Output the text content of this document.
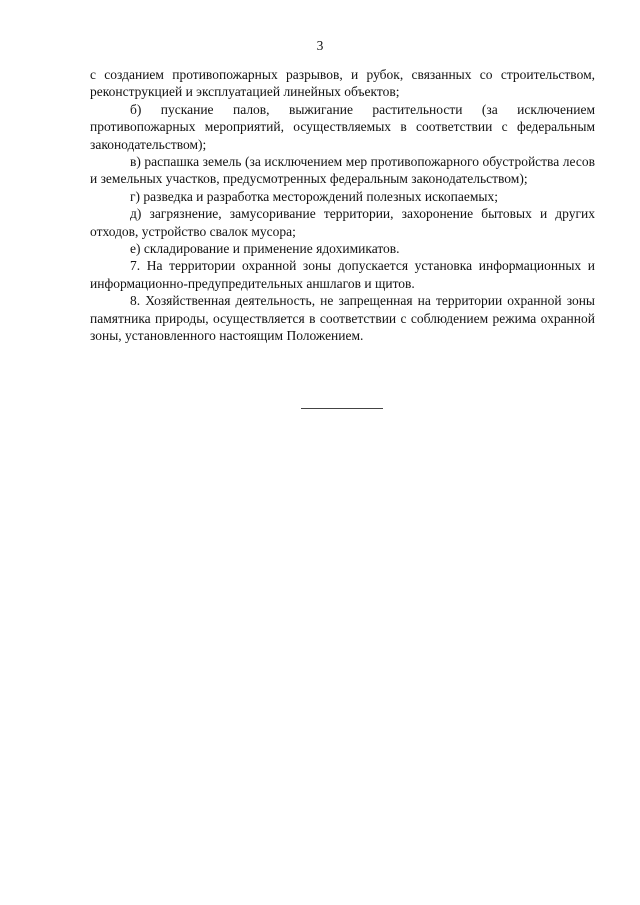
3

с созданием противопожарных разрывов, и рубок, связанных со строительством, реконструкцией и эксплуатацией линейных объектов;

б) пускание палов, выжигание растительности (за исключением противопожарных мероприятий, осуществляемых в соответствии с федеральным законодательством);

в) распашка земель (за исключением мер противопожарного обустройства лесов и земельных участков, предусмотренных федеральным законодательством);

г) разведка и разработка месторождений полезных ископаемых;

д) загрязнение, замусоривание территории, захоронение бытовых и других отходов, устройство свалок мусора;

е) складирование и применение ядохимикатов.

7. На территории охранной зоны допускается установка информационных и информационно-предупредительных аншлагов и щитов.

8. Хозяйственная деятельность, не запрещенная на территории охранной зоны памятника природы, осуществляется в соответствии с соблюдением режима охранной зоны, установленного настоящим Положением.
